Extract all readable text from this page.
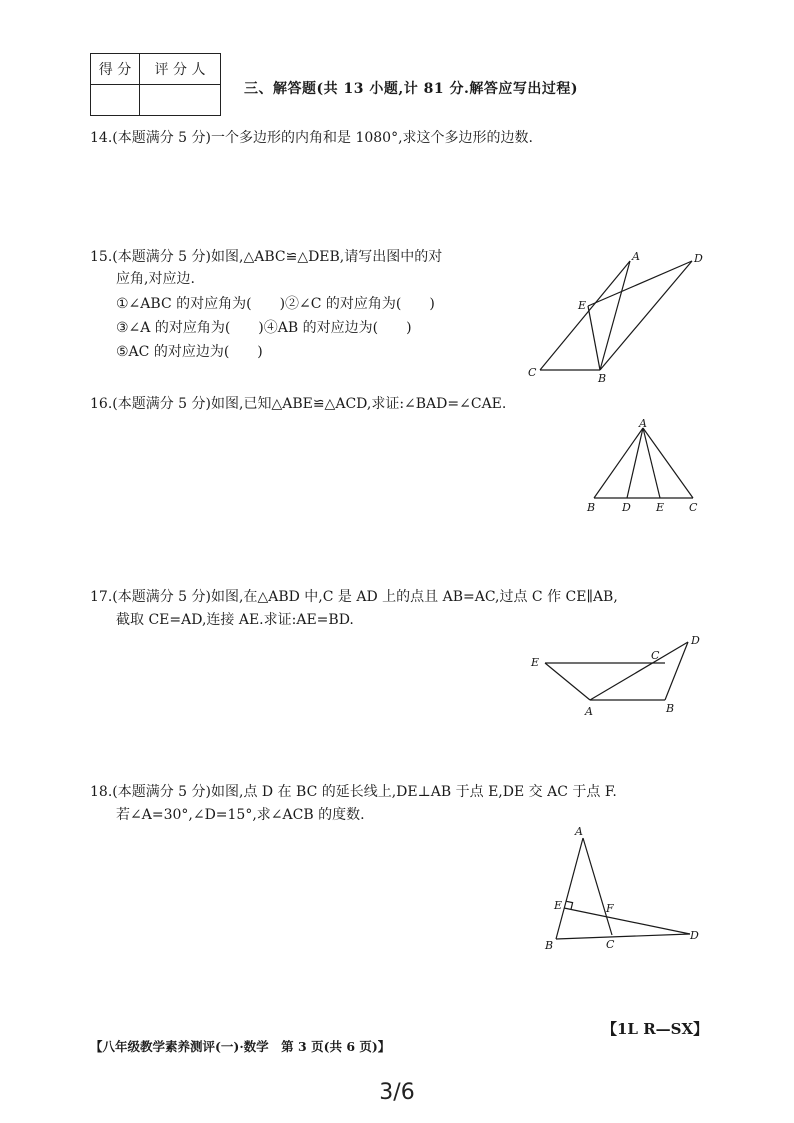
得 分	评 分 人

三、解答题(共 13 小题,计 81 分.解答应写出过程)
14.(本题满分 5 分)一个多边形的内角和是 1080°,求这个多边形的边数.
15.(本题满分 5 分)如图,△ABC≌△DEB,请写出图中的对
应角,对应边.
①∠ABC 的对应角为(　　)②∠C 的对应角为(　　)
③∠A 的对应角为(　　)④AB 的对应边为(　　)
⑤AC 的对应边为(　　)
A	D
E
C	B
16.(本题满分 5 分)如图,已知△ABE≌△ACD,求证:∠BAD=∠CAE.
A
B D E C
17.(本题满分 5 分)如图,在△ABD 中,C 是 AD 上的点且 AB=AC,过点 C 作 CE∥AB,
截取 CE=AD,连接 AE.求证:AE=BD.
E
C
D
A	B
18.(本题满分 5 分)如图,点 D 在 BC 的延长线上,DE⊥AB 于点 E,DE 交 AC 于点 F.
若∠A=30°,∠D=15°,求∠ACB 的度数.
A
E	F
B	C
D
【1L R—SX】
【八年级教学素养测评(一)·数学　第 3 页(共 6 页)】
3/6
